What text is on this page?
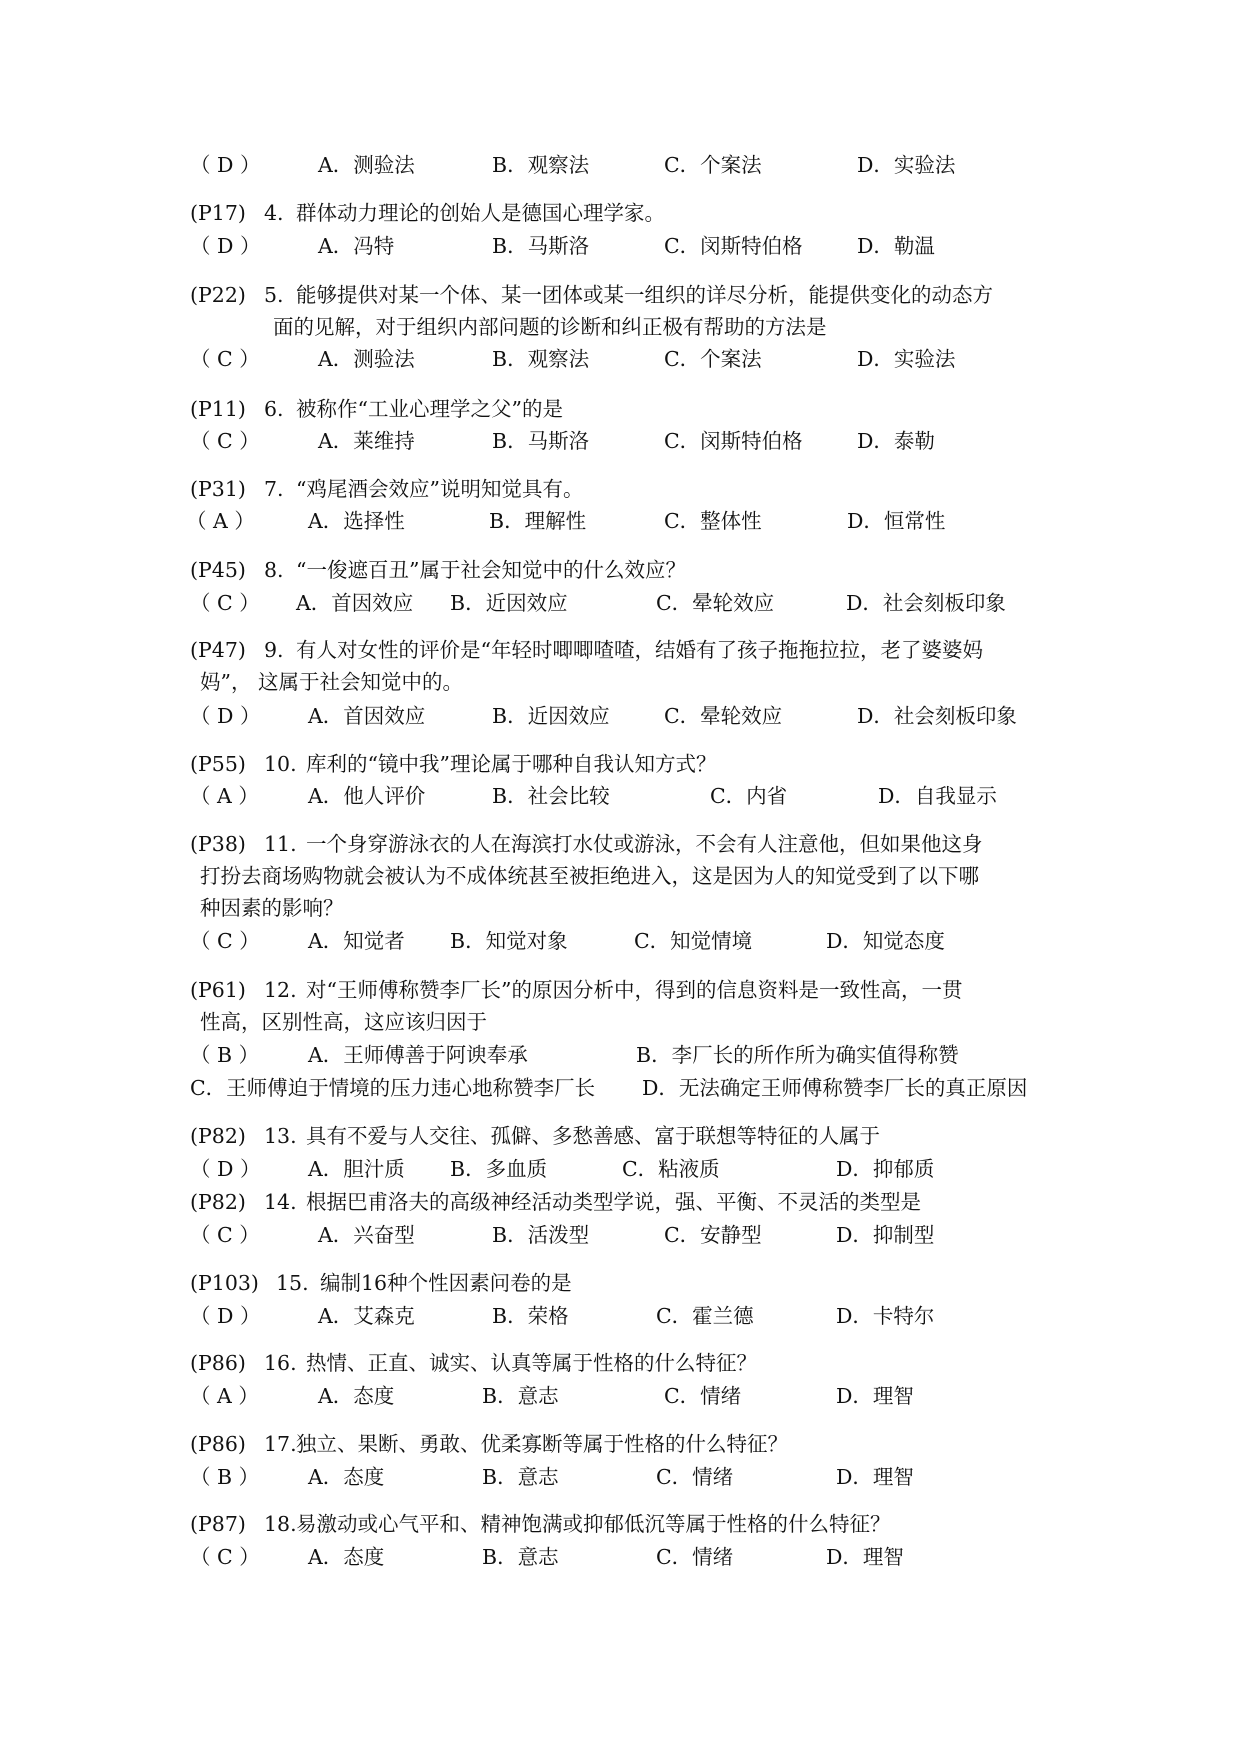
（ D ）	A．测验法	B．观察法	C．个案法	D．实验法
(P17) 4. 群体动力理论的创始人是德国心理学家。
（ D ）	A．冯特	B．马斯洛	C．闵斯特伯格	D．勒温
(P22) 5. 能够提供对某一个体、某一团体或某一组织的详尽分析，能提供变化的动态方
面的见解，对于组织内部问题的诊断和纠正极有帮助的方法是
（ C ）	A．测验法	B．观察法	C．个案法	D．实验法
(P11) 6. 被称作“工业心理学之父”的是
（ C ）	A．莱维持	B．马斯洛	C．闵斯特伯格	D．泰勒
(P31) 7. “鸡尾酒会效应”说明知觉具有。
（ A ）	A．选择性	B．理解性	C．整体性	D．恒常性
(P45) 8. “一俊遮百丑”属于社会知觉中的什么效应？
（ C ） A．首因效应 B．近因效应	C．晕轮效应	D．社会刻板印象
(P47) 9. 有人对女性的评价是“年轻时唧唧喳喳，结婚有了孩子拖拖拉拉，老了婆婆妈
妈”， 这属于社会知觉中的。
（ D ） A．首因效应	B．近因效应	C．晕轮效应	D．社会刻板印象
(P55) 10. 库利的“镜中我”理论属于哪种自我认知方式？
（ A ） A．他人评价	B．社会比较	C．内省	D．自我显示
(P38) 11. 一个身穿游泳衣的人在海滨打水仗或游泳，不会有人注意他，但如果他这身
打扮去商场购物就会被认为不成体统甚至被拒绝进入，这是因为人的知觉受到了以下哪
种因素的影响？
（ C ） A．知觉者 B．知觉对象	C．知觉情境	D．知觉态度
(P61) 12. 对“王师傅称赞李厂长”的原因分析中，得到的信息资料是一致性高，一贯
性高，区别性高，这应该归因于
（ B ） A．王师傅善于阿谀奉承	B．李厂长的所作所为确实值得称赞
C．王师傅迫于情境的压力违心地称赞李厂长 D．无法确定王师傅称赞李厂长的真正原因
(P82) 13. 具有不爱与人交往、孤僻、多愁善感、富于联想等特征的人属于
（ D ） A．胆汁质 B．多血质	C．粘液质	D．抑郁质
(P82) 14. 根据巴甫洛夫的高级神经活动类型学说，强、平衡、不灵活的类型是
（ C ）	A．兴奋型	B．活泼型	C．安静型	D．抑制型
(P103) 15. 编制16种个性因素问卷的是
（ D ）	A．艾森克	B．荣格	C．霍兰德	D．卡特尔
(P86) 16. 热情、正直、诚实、认真等属于性格的什么特征？
（ A ）	A．态度	B．意志	C．情绪	D．理智
(P86) 17. 独立、果断、勇敢、优柔寡断等属于性格的什么特征？
（ B ） A．态度	B．意志	C．情绪	D．理智
(P87) 18. 易激动或心气平和、精神饱满或抑郁低沉等属于性格的什么特征？
（ C ） A．态度	B．意志	C．情绪	D．理智
